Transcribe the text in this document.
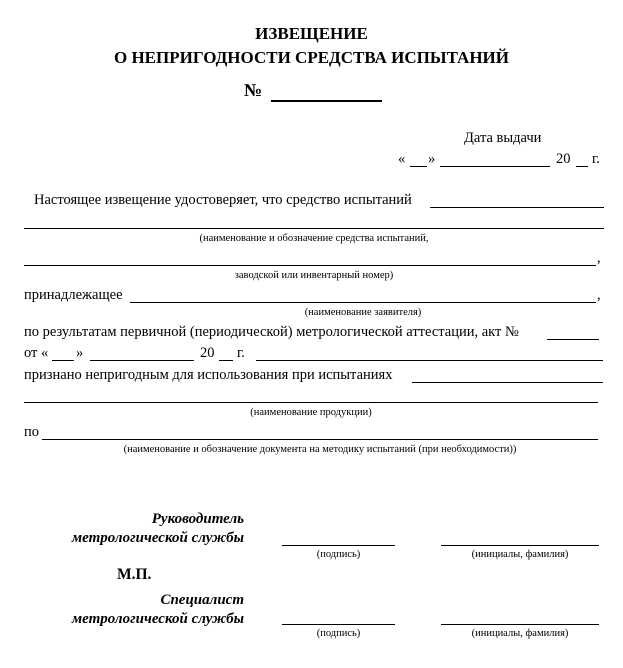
ИЗВЕЩЕНИЕ
О НЕПРИГОДНОСТИ СРЕДСТВА ИСПЫТАНИЙ
№
Дата выдачи
« »	20 г.
Настоящее извещение удостоверяет, что средство испытаний
(наименование и обозначение средства испытаний,
,
заводской или инвентарный номер)
принадлежащее	,
(наименование заявителя)
по результатам первичной (периодической) метрологической аттестации, акт №
от « »	20 г.
признано непригодным для использования при испытаниях
(наименование продукции)
по
(наименование и обозначение документа на методику испытаний (при необходимости))
Руководитель
метрологической службы
(подпись)	(инициалы, фамилия)
М.П.
Специалист
метрологической службы
(подпись)	(инициалы, фамилия)
